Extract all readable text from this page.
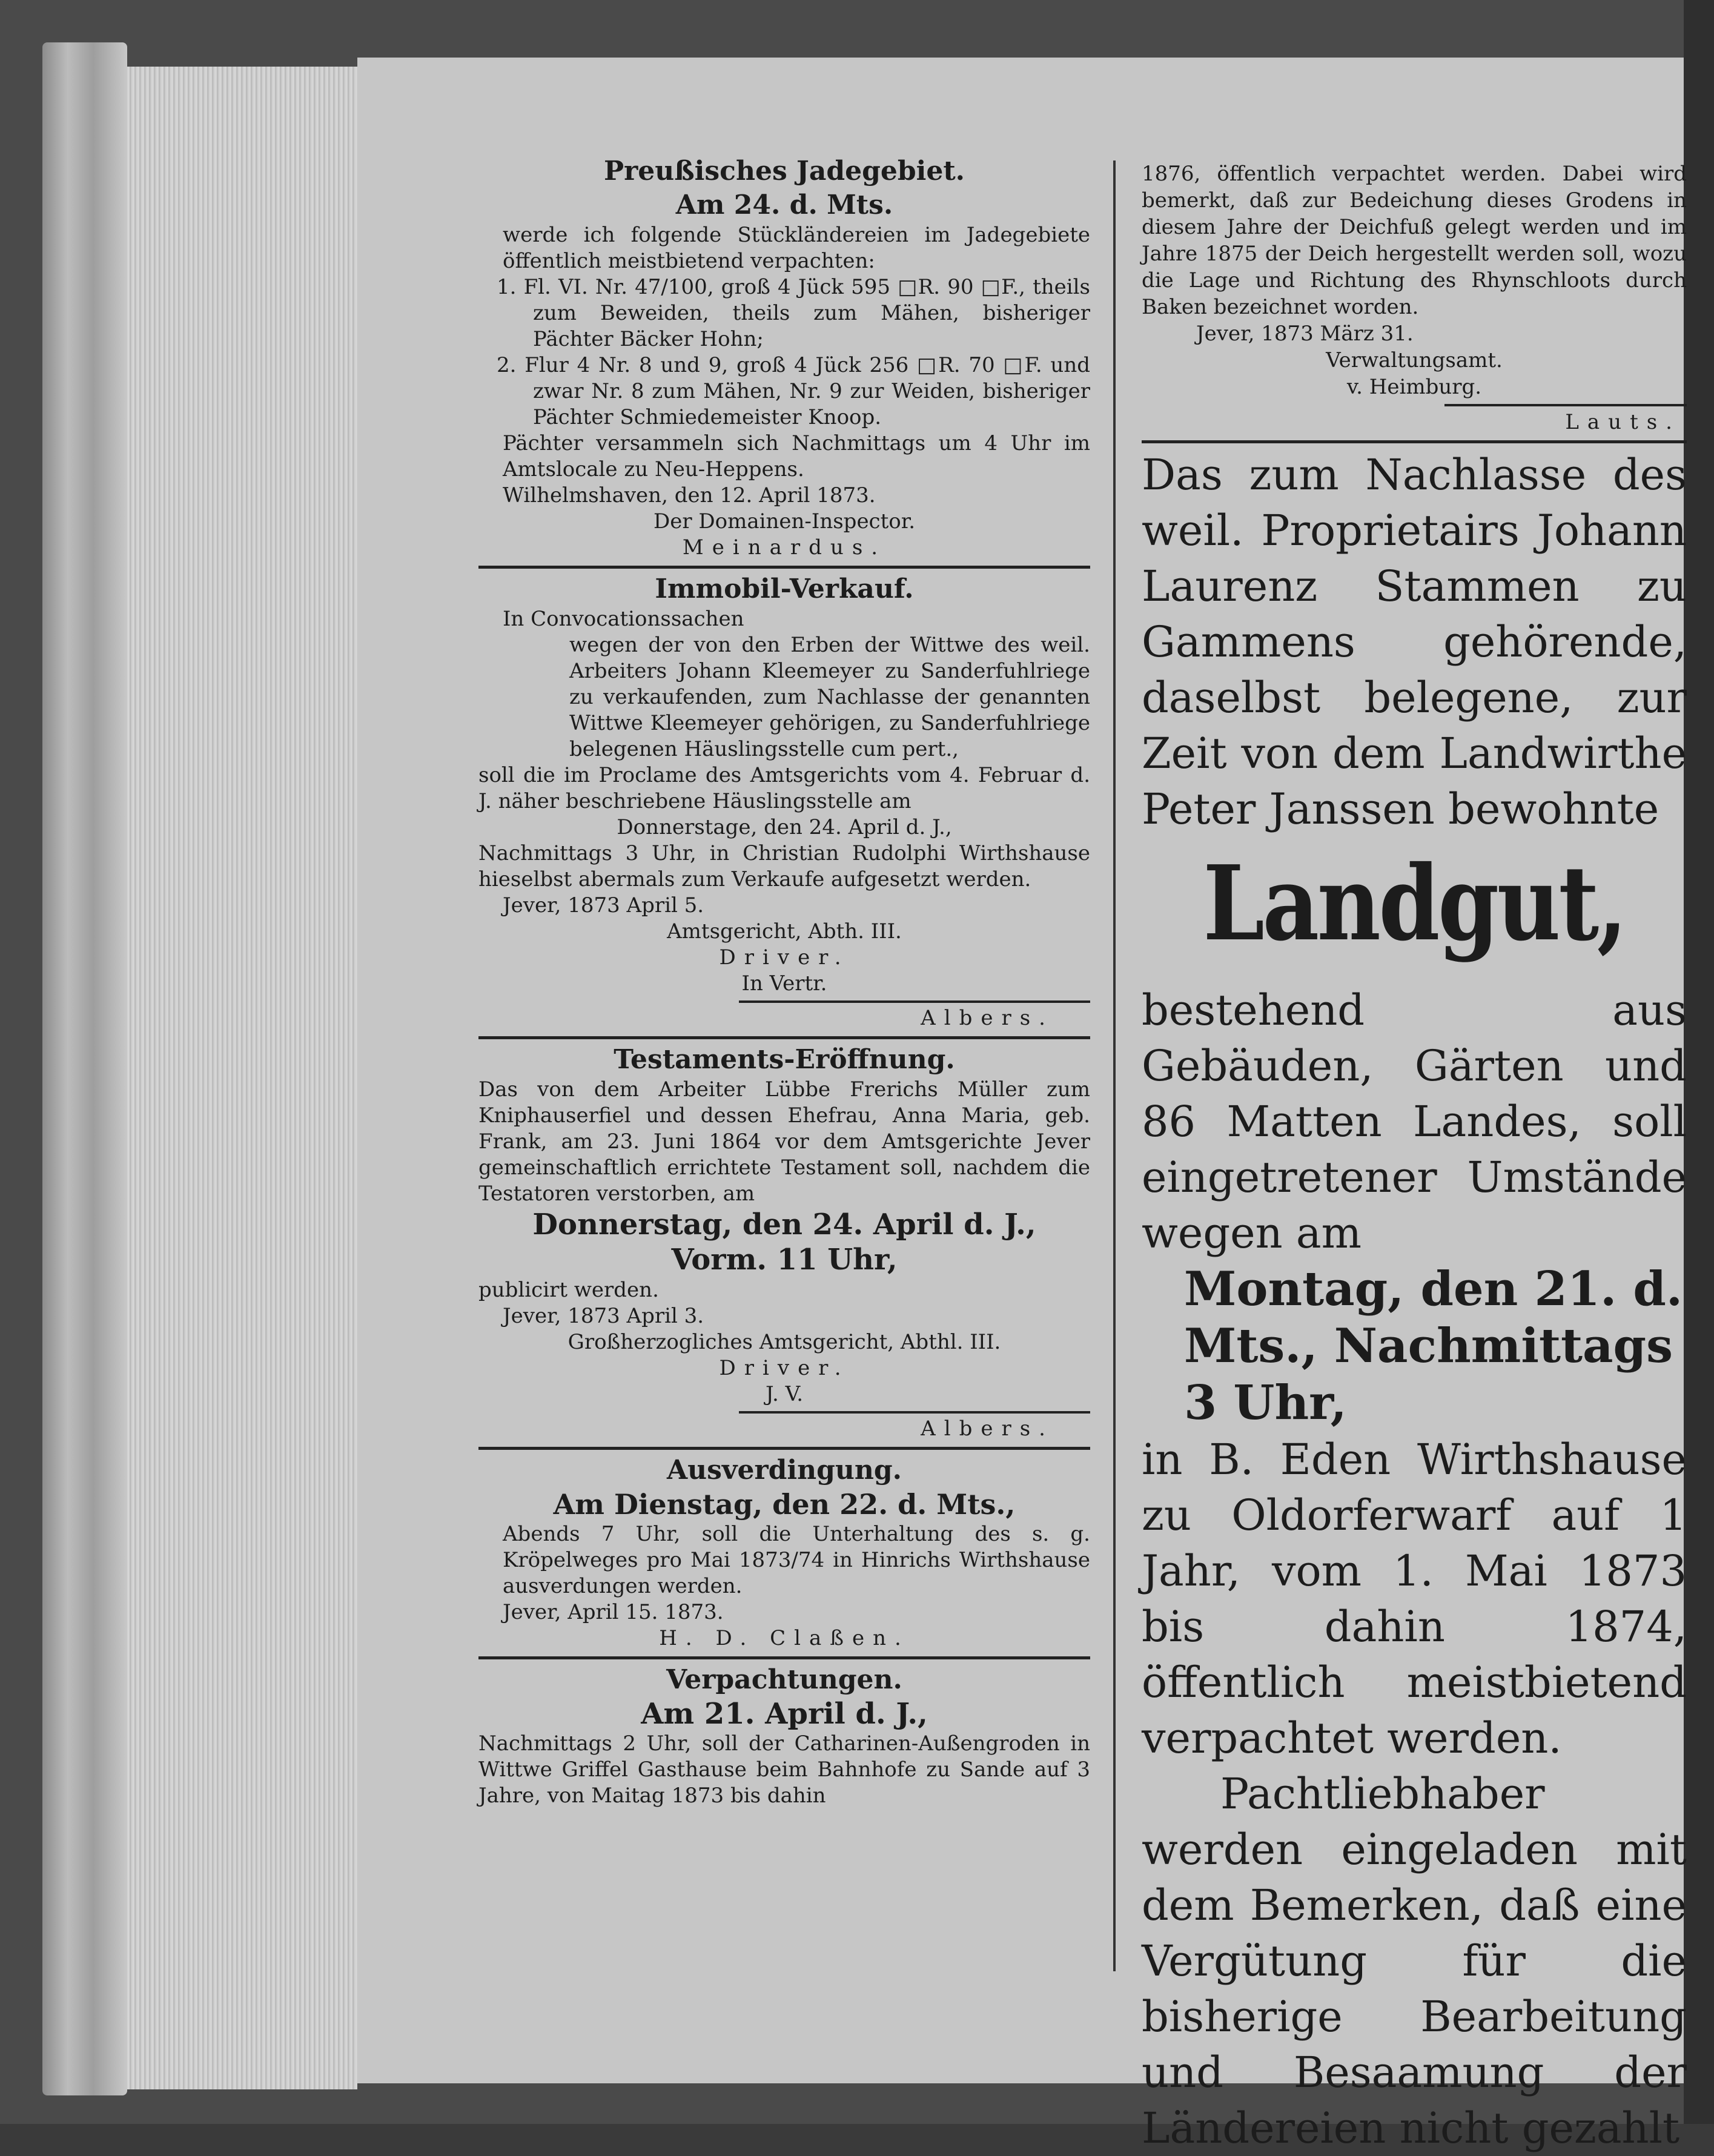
Preußisches Jadegebiet.

Am 24. d. Mts.

werde ich folgende Stückländereien im Jadegebiete öffentlich meistbietend verpachten:

1. Fl. VI. Nr. 47/100, groß 4 Jück 595 □R. 90 □F., theils zum Beweiden, theils zum Mähen, bisheriger Pächter Bäcker Hohn;

2. Flur 4 Nr. 8 und 9, groß 4 Jück 256 □R. 70 □F. und zwar Nr. 8 zum Mähen, Nr. 9 zur Weiden, bisheriger Pächter Schmiedemeister Knoop.

Pächter versammeln sich Nachmittags um 4 Uhr im Amtslocale zu Neu-Heppens.

Wilhelmshaven, den 12. April 1873.

Der Domainen-Inspector.

Meinardus.

Immobil-Verkauf.

In Convocationssachen

wegen der von den Erben der Wittwe des weil. Arbeiters Johann Kleemeyer zu Sanderfuhlriege zu verkaufenden, zum Nachlasse der genannten Wittwe Kleemeyer gehörigen, zu Sanderfuhlriege belegenen Häuslingsstelle cum pert.,

soll die im Proclame des Amtsgerichts vom 4. Februar d. J. näher beschriebene Häuslingsstelle am

Donnerstage, den 24. April d. J.,

Nachmittags 3 Uhr, in Christian Rudolphi Wirthshause hieselbst abermals zum Verkaufe aufgesetzt werden.

Jever, 1873 April 5.

Amtsgericht, Abth. III.

Driver.

In Vertr.

Albers.

Testaments-Eröffnung.

Das von dem Arbeiter Lübbe Frerichs Müller zum Kniphauserfiel und dessen Ehefrau, Anna Maria, geb. Frank, am 23. Juni 1864 vor dem Amtsgerichte Jever gemeinschaftlich errichtete Testament soll, nachdem die Testatoren verstorben, am

Donnerstag, den 24. April d. J.,

Vorm. 11 Uhr,

publicirt werden.

Jever, 1873 April 3.

Großherzogliches Amtsgericht, Abthl. III.

Driver.

J. V.

Albers.

Ausverdingung.

Am Dienstag, den 22. d. Mts.,

Abends 7 Uhr, soll die Unterhaltung des s. g. Kröpelweges pro Mai 1873/74 in Hinrichs Wirthshause ausverdungen werden.

Jever, April 15. 1873.

H. D. Claßen.

Verpachtungen.

Am 21. April d. J.,

Nachmittags 2 Uhr, soll der Catharinen-Außengroden in Wittwe Griffel Gasthause beim Bahnhofe zu Sande auf 3 Jahre, von Maitag 1873 bis dahin

1876, öffentlich verpachtet werden. Dabei wird bemerkt, daß zur Bedeichung dieses Grodens in diesem Jahre der Deichfuß gelegt werden und im Jahre 1875 der Deich hergestellt werden soll, wozu die Lage und Richtung des Rhynschloots durch Baken bezeichnet worden.

Jever, 1873 März 31.

Verwaltungsamt.

v. Heimburg.

Lauts.

Das zum Nachlasse des weil. Proprietairs Johann Laurenz Stammen zu Gammens gehörende, daselbst belegene, zur Zeit von dem Landwirthe Peter Janssen bewohnte

Landgut,

bestehend aus Gebäuden, Gärten und 86 Matten Landes, soll eingetretener Umstände wegen am

Montag, den 21. d.

Mts., Nachmittags

3 Uhr,

in B. Eden Wirthshause zu Oldorferwarf auf 1 Jahr, vom 1. Mai 1873 bis dahin 1874, öffentlich meistbietend verpachtet werden.

Pachtliebhaber werden eingeladen mit dem Bemerken, daß eine Vergütung für die bisherige Bearbeitung und Besaamung der Ländereien nicht gezahlt
